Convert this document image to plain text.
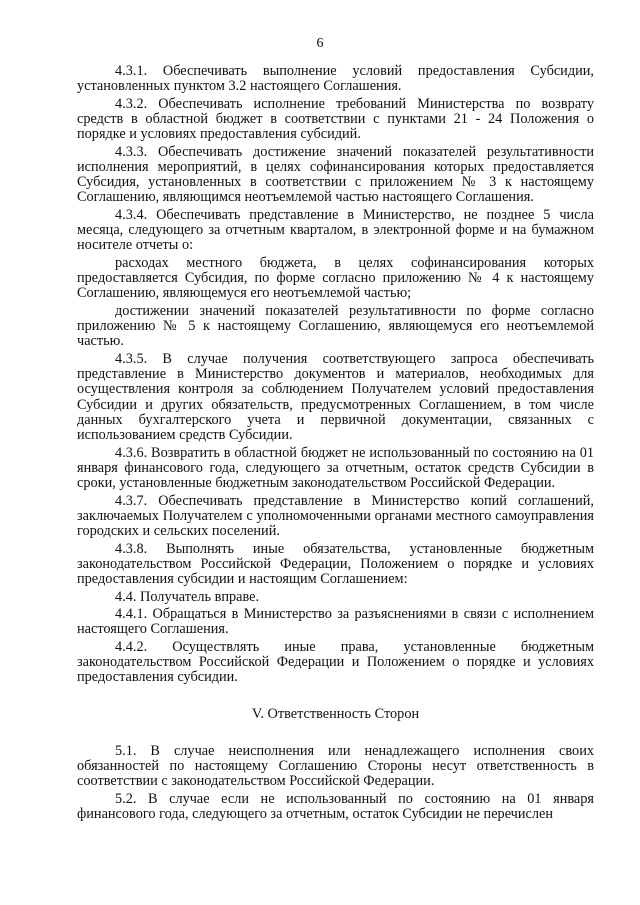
6

4.3.1. Обеспечивать выполнение условий предоставления Субсидии, установленных пунктом 3.2 настоящего Соглашения.

4.3.2. Обеспечивать исполнение требований Министерства по возврату средств в областной бюджет в соответствии с пунктами 21 - 24 Положения о порядке и условиях предоставления субсидий.

4.3.3. Обеспечивать достижение значений показателей результативности исполнения мероприятий, в целях софинансирования которых предоставляется Субсидия, установленных в соответствии с приложением № 3 к настоящему Соглашению, являющимся неотъемлемой частью настоящего Соглашения.

4.3.4. Обеспечивать представление в Министерство, не позднее 5 числа месяца, следующего за отчетным кварталом, в электронной форме и на бумажном носителе отчеты о:

расходах местного бюджета, в целях софинансирования которых предоставляется Субсидия, по форме согласно приложению № 4 к настоящему Соглашению, являющемуся его неотъемлемой частью;

достижении значений показателей результативности по форме согласно приложению № 5 к настоящему Соглашению, являющемуся его неотъемлемой частью.

4.3.5. В случае получения соответствующего запроса обеспечивать представление в Министерство документов и материалов, необходимых для осуществления контроля за соблюдением Получателем условий предоставления Субсидии и других обязательств, предусмотренных Соглашением, в том числе данных бухгалтерского учета и первичной документации, связанных с использованием средств Субсидии.

4.3.6. Возвратить в областной бюджет не использованный по состоянию на 01 января финансового года, следующего за отчетным, остаток средств Субсидии в сроки, установленные бюджетным законодательством Российской Федерации.

4.3.7. Обеспечивать представление в Министерство копий соглашений, заключаемых Получателем с уполномоченными органами местного самоуправления городских и сельских поселений.

4.3.8. Выполнять иные обязательства, установленные бюджетным законодательством Российской Федерации, Положением о порядке и условиях предоставления субсидии и настоящим Соглашением:

4.4. Получатель вправе.

4.4.1. Обращаться в Министерство за разъяснениями в связи с исполнением настоящего Соглашения.

4.4.2. Осуществлять иные права, установленные бюджетным законодательством Российской Федерации и Положением о порядке и условиях предоставления субсидии.

V. Ответственность Сторон

5.1. В случае неисполнения или ненадлежащего исполнения своих обязанностей по настоящему Соглашению Стороны несут ответственность в соответствии с законодательством Российской Федерации.

5.2. В случае если не использованный по состоянию на 01 января финансового года, следующего за отчетным, остаток Субсидии не перечислен
